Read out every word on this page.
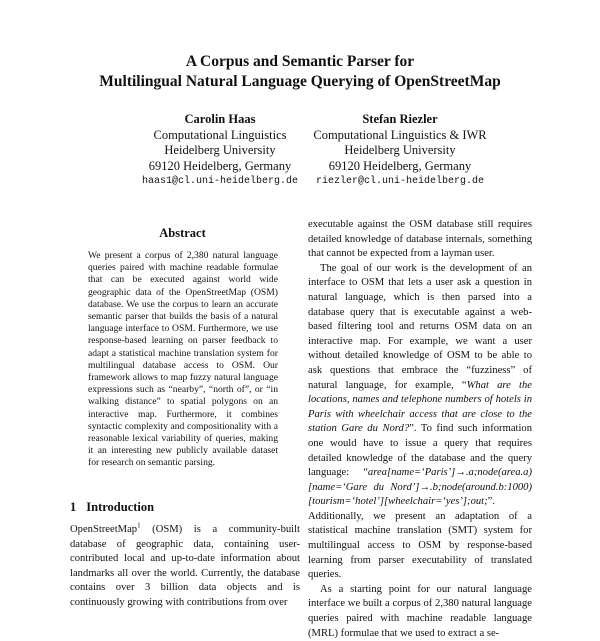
A Corpus and Semantic Parser for
Multilingual Natural Language Querying of OpenStreetMap
Carolin Haas
Computational Linguistics
Heidelberg University
69120 Heidelberg, Germany
haas1@cl.uni-heidelberg.de
Stefan Riezler
Computational Linguistics & IWR
Heidelberg University
69120 Heidelberg, Germany
riezler@cl.uni-heidelberg.de
Abstract
We present a corpus of 2,380 natural language queries paired with machine readable formulae that can be executed against world wide geographic data of the OpenStreetMap (OSM) database. We use the corpus to learn an accurate semantic parser that builds the basis of a natural language interface to OSM. Furthermore, we use response-based learning on parser feedback to adapt a statistical machine translation system for multilingual database access to OSM. Our framework allows to map fuzzy natural language expressions such as “nearby”, “north of”, or “in walking distance” to spatial polygons on an interactive map. Furthermore, it combines syntactic complexity and compositionality with a reasonable lexical variability of queries, making it an interesting new publicly available dataset for research on semantic parsing.
1 Introduction
OpenStreetMap$^1$ (OSM) is a community-built database of geographic data, containing user-contributed local and up-to-date information about landmarks all over the world. Currently, the database contains over 3 billion data objects and is continuously growing with contributions from over

executable against the OSM database still requires detailed knowledge of database internals, something that cannot be expected from a layman user.

The goal of our work is the development of an interface to OSM that lets a user ask a question in natural language, which is then parsed into a database query that is executable against a web-based filtering tool and returns OSM data on an interactive map. For example, we want a user without detailed knowledge of OSM to be able to ask questions that embrace the “fuzziness” of natural language, for example, “What are the locations, names and telephone numbers of hotels in Paris with wheelchair access that are close to the station Gare du Nord?”. To find such information one would have to issue a query that requires detailed knowledge of the database and the query language: “area[name=‘Paris’]→.a;node(area.a)[name=‘Gare du Nord’]→.b;node(around.b:1000)[tourism=‘hotel’][wheelchair=‘yes’];out;”. Additionally, we present an adaptation of a statistical machine translation (SMT) system for multilingual access to OSM by response-based learning from parser executability of translated queries.

As a starting point for our natural language interface we built a corpus of 2,380 natural language queries paired with machine readable language (MRL) formulae that we used to extract a se-
